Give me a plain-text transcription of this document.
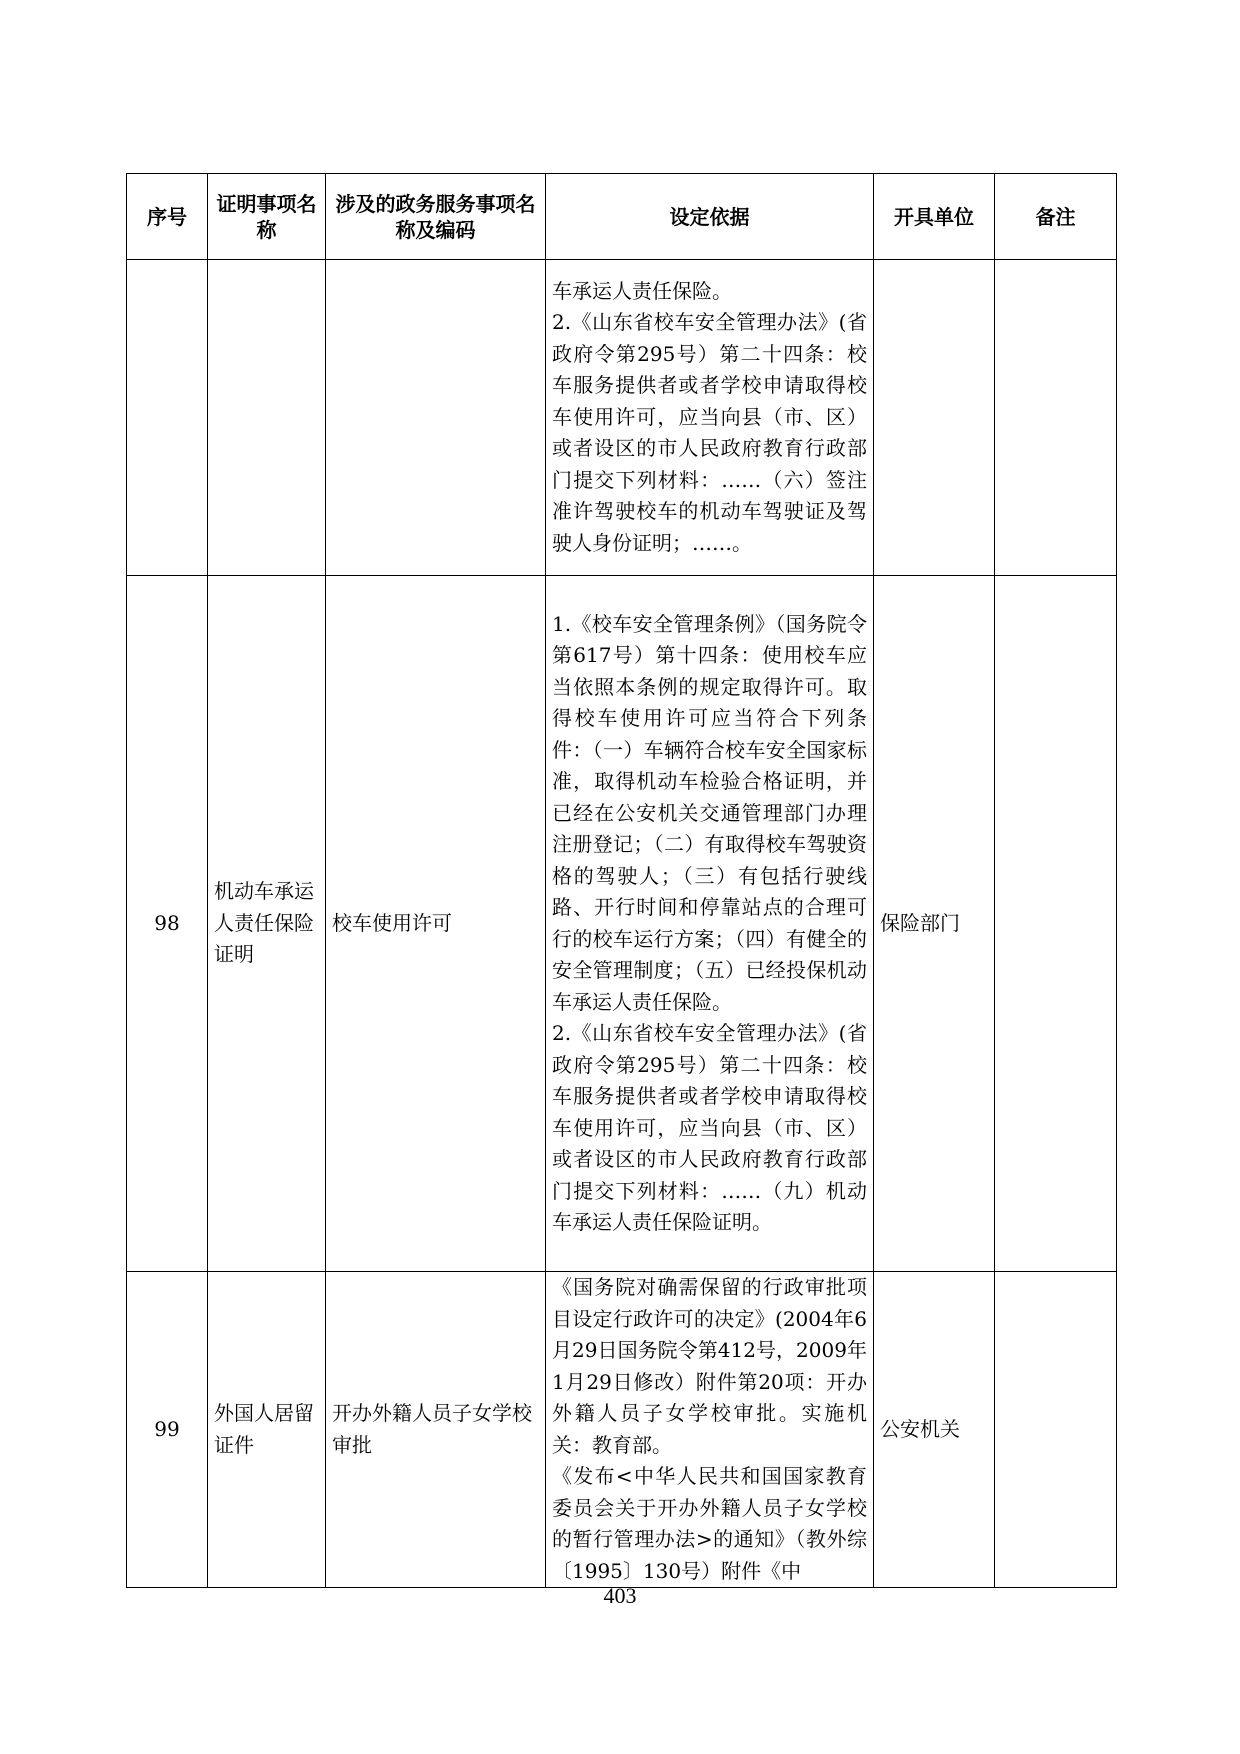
序号	证明事项名称	涉及的政务服务事项名称及编码	设定依据	开具单位	备注

			车承运人责任保险。
2.《山东省校车安全管理办法》(省政府令第295号）第二十四条：校车服务提供者或者学校申请取得校车使用许可，应当向县（市、区）或者设区的市人民政府教育行政部门提交下列材料：……（六）签注准许驾驶校车的机动车驾驶证及驾驶人身份证明；……。		

98	机动车承运人责任保险证明	校车使用许可	1.《校车安全管理条例》（国务院令第617号）第十四条：使用校车应当依照本条例的规定取得许可。取得校车使用许可应当符合下列条件：（一）车辆符合校车安全国家标准，取得机动车检验合格证明，并已经在公安机关交通管理部门办理注册登记；（二）有取得校车驾驶资格的驾驶人；（三）有包括行驶线路、开行时间和停靠站点的合理可行的校车运行方案；（四）有健全的安全管理制度；（五）已经投保机动车承运人责任保险。
2.《山东省校车安全管理办法》(省政府令第295号）第二十四条：校车服务提供者或者学校申请取得校车使用许可，应当向县（市、区）或者设区的市人民政府教育行政部门提交下列材料：……（九）机动车承运人责任保险证明。	保险部门	
99	外国人居留证件	开办外籍人员子女学校审批	《国务院对确需保留的行政审批项目设定行政许可的决定》(2004年6月29日国务院令第412号，2009年1月29日修改）附件第20项：开办外籍人员子女学校审批。实施机关：教育部。
《发布<中华人民共和国国家教育委员会关于开办外籍人员子女学校的暂行管理办法>的通知》（教外综〔1995〕130号）附件《中	公安机关	
403
